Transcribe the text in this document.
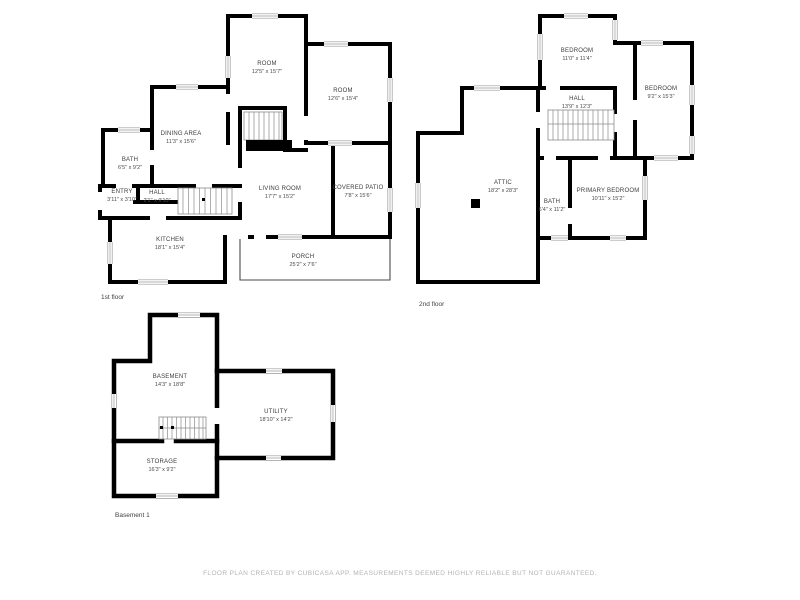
ROOM
12'5" x 15'7"
ROOM
12'6" x 15'4"
DINING AREA
11'3" x 15'6"
BATH
6'5" x 9'2"
ENTRY
3'11" x 3'10"
HALL
2'1" x 9'10"
LIVING ROOM
17'7" x 15'2"
COVERED PATIO
7'8" x 15'6"
KITCHEN
18'1" x 15'4"
PORCH
25'2" x 7'6"
BEDROOM
11'0" x 11'4"
BEDROOM
9'2" x 15'3"
HALL
13'9" x 12'3"
ATTIC
18'2" x 28'3"
BATH
6'4" x 11'2"
PRIMARY BEDROOM
10'11" x 15'2"
BASEMENT
14'3" x 18'8"
UTILITY
18'10" x 14'2"
STORAGE
16'3" x 9'2"
1st floor
2nd floor
Basement 1
FLOOR PLAN CREATED BY CUBICASA APP. MEASUREMENTS DEEMED HIGHLY RELIABLE BUT NOT GUARANTEED.
